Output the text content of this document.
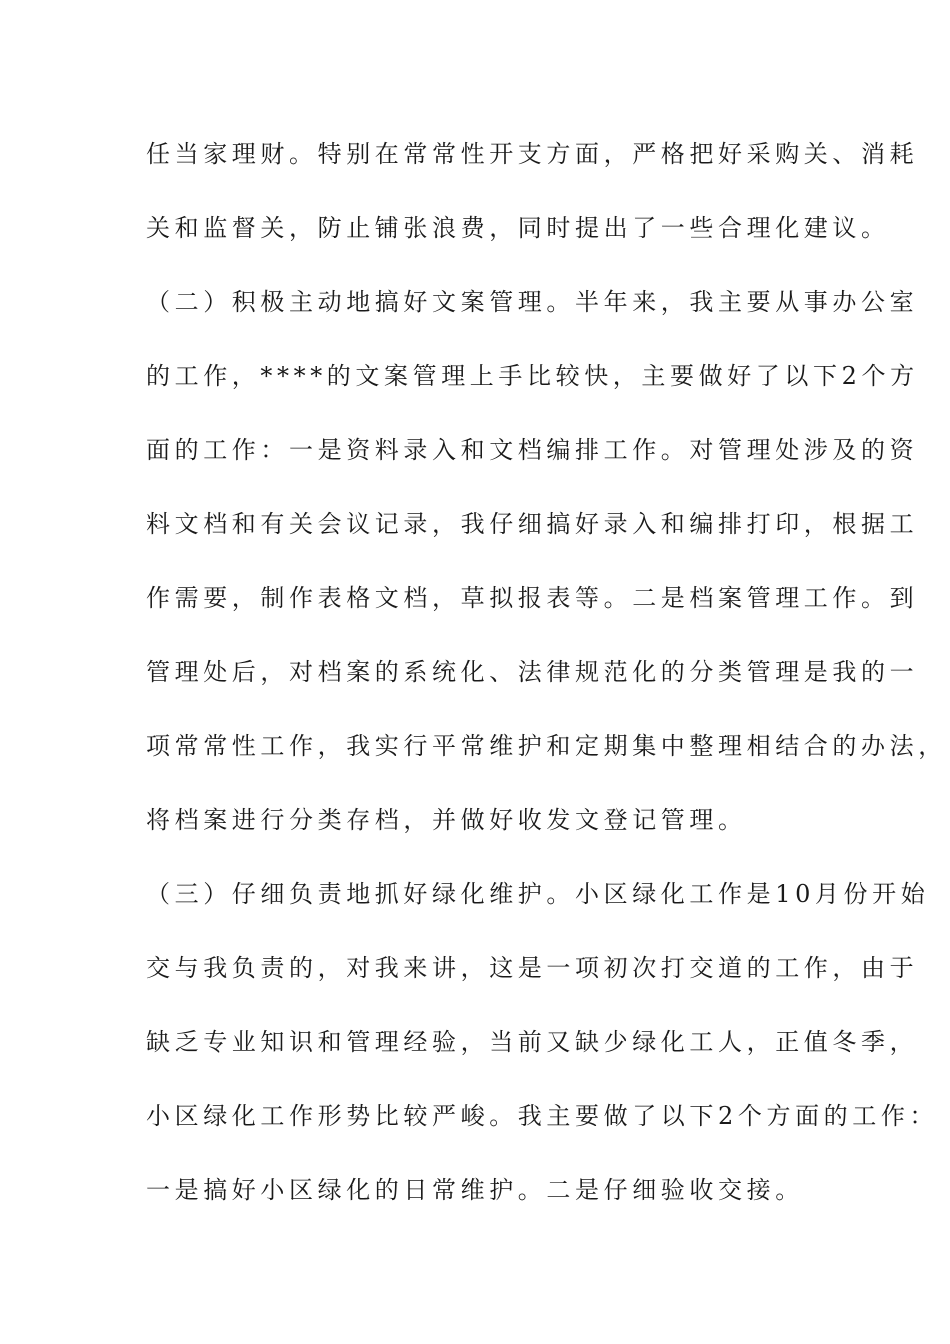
任当家理财。特别在常常性开支方面，严格把好采购关、消耗
关和监督关，防止铺张浪费，同时提出了一些合理化建议。
（二）积极主动地搞好文案管理。半年来，我主要从事办公室
的工作，****的文案管理上手比较快，主要做好了以下2个方
面的工作：一是资料录入和文档编排工作。对管理处涉及的资
料文档和有关会议记录，我仔细搞好录入和编排打印，根据工
作需要，制作表格文档，草拟报表等。二是档案管理工作。到
管理处后，对档案的系统化、法律规范化的分类管理是我的一
项常常性工作，我实行平常维护和定期集中整理相结合的办法，
将档案进行分类存档，并做好收发文登记管理。
（三）仔细负责地抓好绿化维护。小区绿化工作是10月份开始
交与我负责的，对我来讲，这是一项初次打交道的工作，由于
缺乏专业知识和管理经验，当前又缺少绿化工人，正值冬季，
小区绿化工作形势比较严峻。我主要做了以下2个方面的工作：
一是搞好小区绿化的日常维护。二是仔细验收交接。
